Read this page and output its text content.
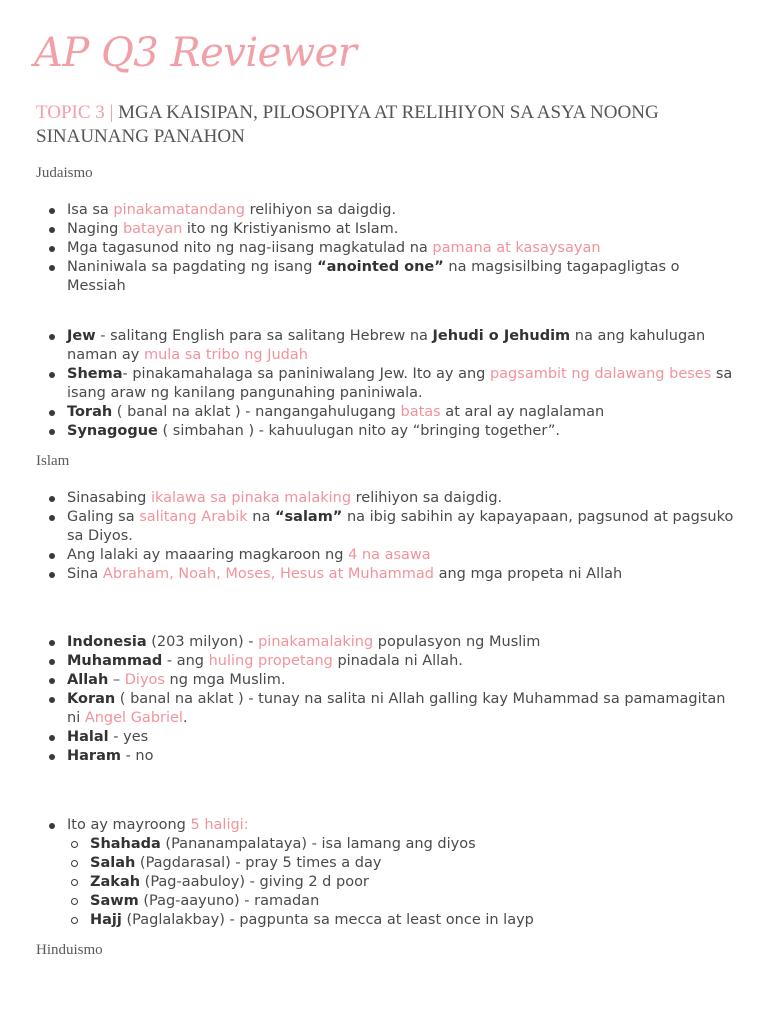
AP Q3 Reviewer
TOPIC 3 | MGA KAISIPAN, PILOSOPIYA AT RELIHIYON SA ASYA NOONG SINAUNANG PANAHON
Judaismo
Isa sa pinakamatandang relihiyon sa daigdig.
Naging batayan ito ng Kristiyanismo at Islam.
Mga tagasunod nito ng nag-iisang magkatulad na pamana at kasaysayan
Naniniwala sa pagdating ng isang “anointed one” na magsisilbing tagapagligtas o Messiah
Jew - salitang English para sa salitang Hebrew na Jehudi o Jehudim na ang kahulugan naman ay mula sa tribo ng Judah
Shema- pinakamahalaga sa paniniwalang Jew. Ito ay ang pagsambit ng dalawang beses sa isang araw ng kanilang pangunahing paniniwala.
Torah ( banal na aklat ) - nangangahulugang batas at aral ay naglalaman
Synagogue ( simbahan ) - kahuulugan nito ay “bringing together”.
Islam
Sinasabing ikalawa sa pinaka malaking relihiyon sa daigdig.
Galing sa salitang Arabik na “salam” na ibig sabihin ay kapayapaan, pagsunod at pagsuko sa Diyos.
Ang lalaki ay maaaring magkaroon ng 4 na asawa
Sina Abraham, Noah, Moses, Hesus at Muhammad ang mga propeta ni Allah
Indonesia (203 milyon) - pinakamalaking populasyon ng Muslim
Muhammad - ang huling propetang pinadala ni Allah.
Allah – Diyos ng mga Muslim.
Koran ( banal na aklat ) - tunay na salita ni Allah galling kay Muhammad sa pamamagitan ni Angel Gabriel.
Halal - yes
Haram - no
Ito ay mayroong 5 haligi:
Shahada (Pananampalataya) - isa lamang ang diyos
Salah (Pagdarasal) - pray 5 times a day
Zakah (Pag-aabuloy) - giving 2 d poor
Sawm (Pag-aayuno) - ramadan
Hajj (Paglalakbay) - pagpunta sa mecca at least once in layp
Hinduismo
